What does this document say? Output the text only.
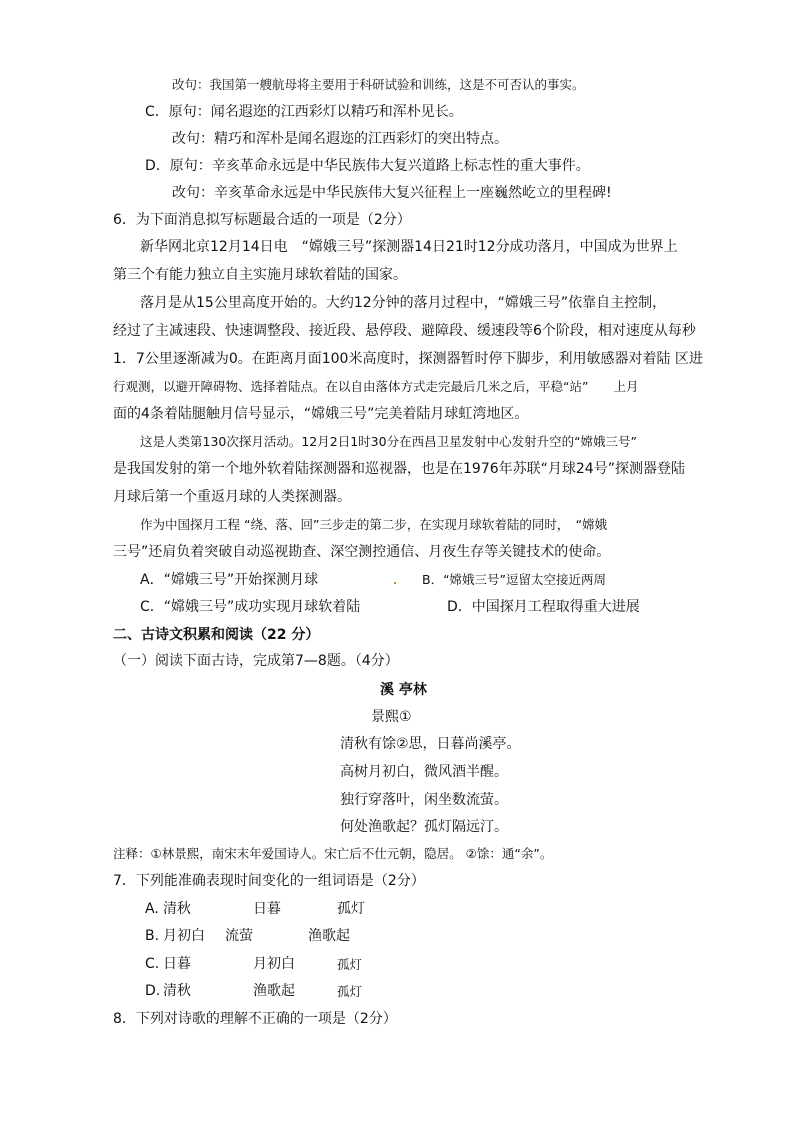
改句：我国第一艘航母将主要用于科研试验和训练，这是不可否认的事实。
C．原句：闻名遐迩的江西彩灯以精巧和浑朴见长。
改句：精巧和浑朴是闻名遐迩的江西彩灯的突出特点。
D．原句：辛亥革命永远是中华民族伟大复兴道路上标志性的重大事件。
改句：辛亥革命永远是中华民族伟大复兴征程上一座巍然屹立的里程碑!
6．为下面消息拟写标题最合适的一项是（2分）
新华网北京12月14日电　“嫦娥三号”探测器14日21时12分成功落月，中国成为世界上
第三个有能力独立自主实施月球软着陆的国家。
落月是从15公里高度开始的。大约12分钟的落月过程中，“嫦娥三号”依靠自主控制，
经过了主减速段、快速调整段、接近段、悬停段、避障段、缓速段等6个阶段，相对速度从每秒
1．7公里逐渐减为0。在距离月面100米高度时，探测器暂时停下脚步，利用敏感器对着陆 区进
行观测，以避开障碍物、选择着陆点。在以自由落体方式走完最后几米之后，平稳“站”　　上月
面的4条着陆腿触月信号显示，“嫦娥三号”完美着陆月球虹湾地区。
这是人类第130次探月活动。12月2日1时30分在西昌卫星发射中心发射升空的“嫦娥三号”
是我国发射的第一个地外软着陆探测器和巡视器，也是在1976年苏联“月球24号”探测器登陆
月球后第一个重返月球的人类探测器。
作为中国探月工程 “绕、落、回”三步走的第二步，在实现月球软着陆的同时，　“嫦娥
三号”还肩负着突破自动巡视勘查、深空测控通信、月夜生存等关键技术的使命。
A．“嫦娥三号”开始探测月球	B．“嫦娥三号”逗留太空接近两周
C．“嫦娥三号”成功实现月球软着陆	D．中国探月工程取得重大进展
二、古诗文积累和阅读（22 分）
（一）阅读下面古诗，完成第7—8题。（4分）
溪 亭林
景熙①
清秋有馀②思，日暮尚溪亭。
高树月初白，微风酒半醒。
独行穿落叶，闲坐数流萤。
何处渔歌起？孤灯隔远汀。
注释：①林景熙，南宋末年爱国诗人。宋亡后不仕元朝，隐居。 ②馀：通“余”。
7．下列能准确表现时间变化的一组词语是（2分）
A. 清秋	日暮	孤灯
B. 月初白 流萤	渔歌起
C. 日暮	月初白	孤灯
D. 清秋	渔歌起	孤灯
8．下列对诗歌的理解不正确的一项是（2分）
